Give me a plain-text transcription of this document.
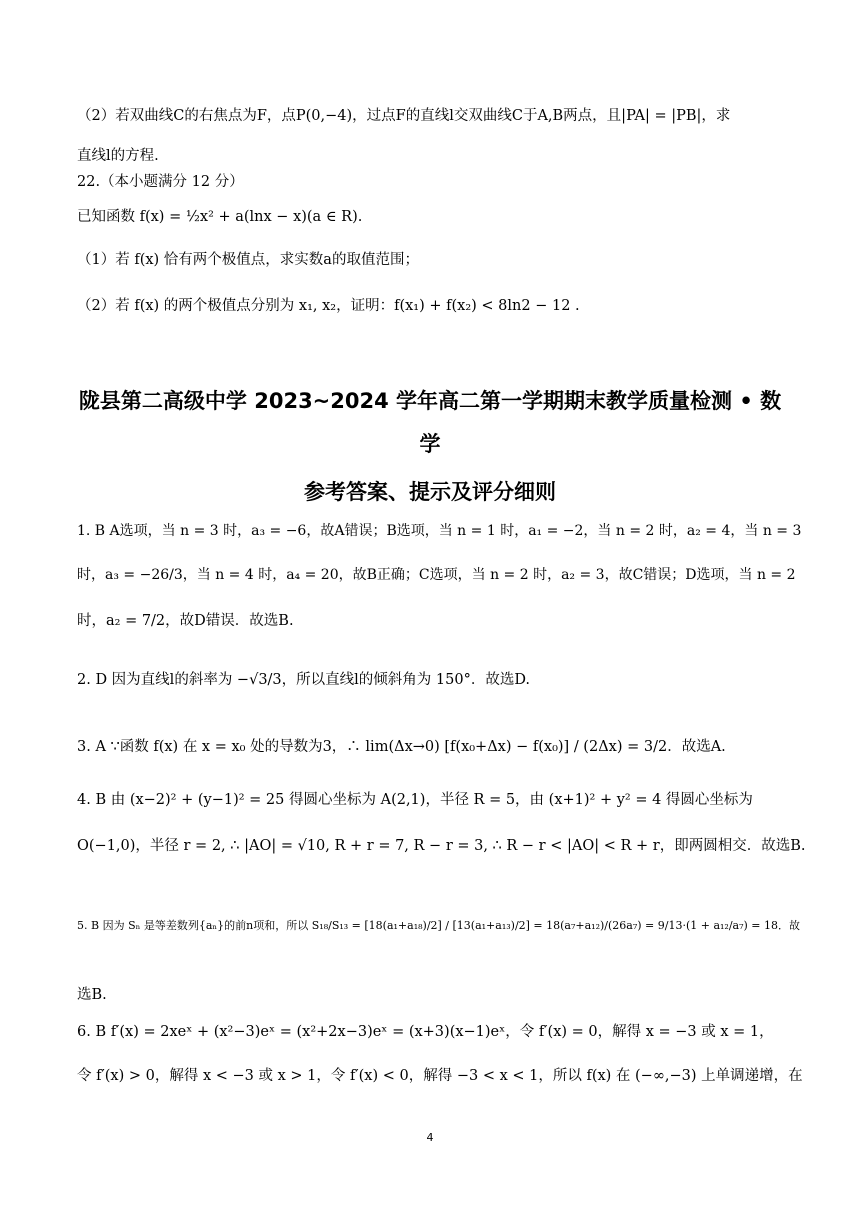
（2）若双曲线C的右焦点为F，点P(0,−4)，过点F的直线l交双曲线C于A,B两点，且|PA| = |PB|，求
直线l的方程.
22.（本小题满分 12 分）
已知函数 f(x) = ½x² + a(lnx − x)(a ∈ R).
（1）若 f(x) 恰有两个极值点，求实数a的取值范围；
（2）若 f(x) 的两个极值点分别为 x₁, x₂，证明：f(x₁) + f(x₂) < 8ln2 − 12 .
陇县第二高级中学 2023~2024 学年高二第一学期期末教学质量检测 • 数
学
参考答案、提示及评分细则
1. B A选项，当 n = 3 时，a₃ = −6，故A错误；B选项，当 n = 1 时，a₁ = −2，当 n = 2 时，a₂ = 4，当 n = 3
时，a₃ = −26/3，当 n = 4 时，a₄ = 20，故B正确；C选项，当 n = 2 时，a₂ = 3，故C错误；D选项，当 n = 2
时，a₂ = 7/2，故D错误．故选B.
2. D 因为直线l的斜率为 −√3/3，所以直线l的倾斜角为 150°．故选D.
3. A ∵函数 f(x) 在 x = x₀ 处的导数为3，∴ lim(Δx→0) [f(x₀+Δx) − f(x₀)] / (2Δx) = 3/2．故选A.
4. B 由 (x−2)² + (y−1)² = 25 得圆心坐标为 A(2,1)，半径 R = 5，由 (x+1)² + y² = 4 得圆心坐标为
O(−1,0)，半径 r = 2, ∴ |AO| = √10, R + r = 7, R − r = 3, ∴ R − r < |AO| < R + r，即两圆相交．故选B.
5. B 因为 Sₙ 是等差数列{aₙ}的前n项和，所以 S₁₈/S₁₃ = [18(a₁+a₁₈)/2] / [13(a₁+a₁₃)/2] = 18(a₇+a₁₂)/(26a₇) = 9/13·(1 + a₁₂/a₇) = 18．故
选B.
6. B f′(x) = 2xeˣ + (x²−3)eˣ = (x²+2x−3)eˣ = (x+3)(x−1)eˣ，令 f′(x) = 0，解得 x = −3 或 x = 1，
令 f′(x) > 0，解得 x < −3 或 x > 1，令 f′(x) < 0，解得 −3 < x < 1，所以 f(x) 在 (−∞,−3) 上单调递增，在
4
